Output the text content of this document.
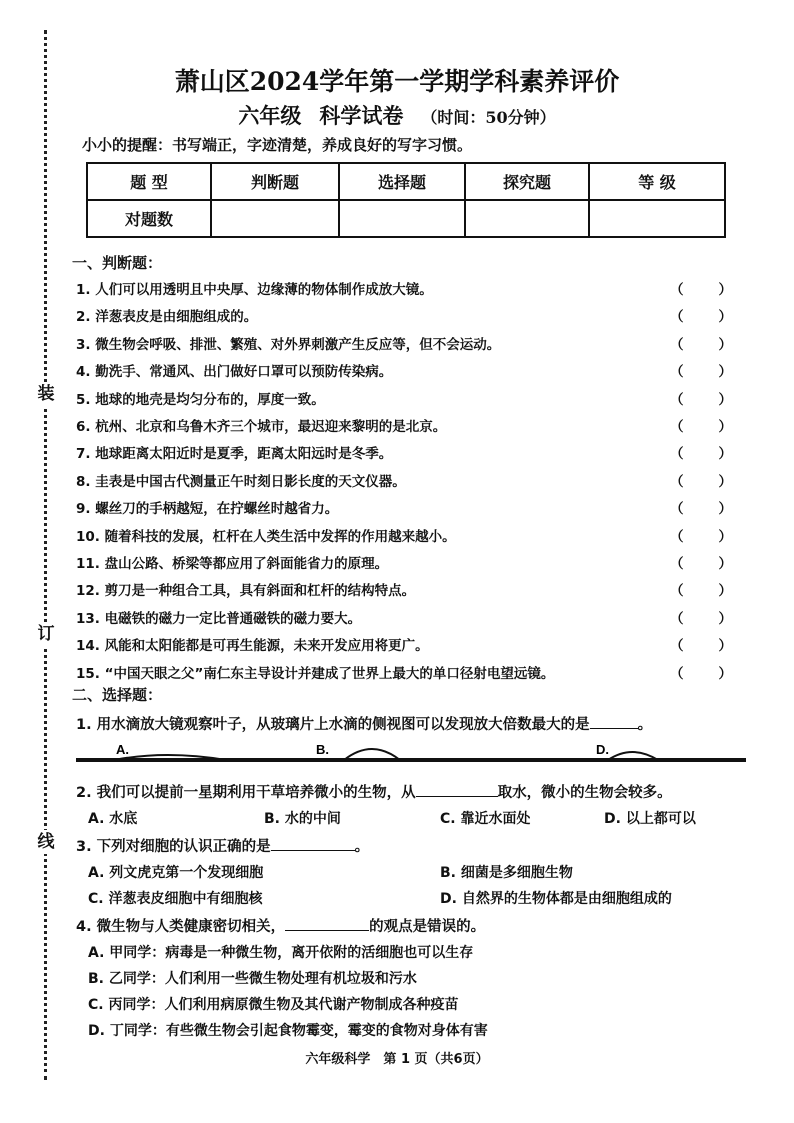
装
订
线
萧山区2024学年第一学期学科素养评价
六年级 科学试卷 （时间：50分钟）
小小的提醒：书写端正，字迹清楚，养成良好的写字习惯。
题 型	判断题	选择题	探究题	等 级
对题数				
一、判断题：
1. 人们可以用透明且中央厚、边缘薄的物体制作成放大镜。	（	）
2. 洋葱表皮是由细胞组成的。	（	）
3. 微生物会呼吸、排泄、繁殖、对外界刺激产生反应等，但不会运动。	（	）
4. 勤洗手、常通风、出门做好口罩可以预防传染病。	（	）
5. 地球的地壳是均匀分布的，厚度一致。	（	）
6. 杭州、北京和乌鲁木齐三个城市，最迟迎来黎明的是北京。	（	）
7. 地球距离太阳近时是夏季，距离太阳远时是冬季。	（	）
8. 圭表是中国古代测量正午时刻日影长度的天文仪器。	（	）
9. 螺丝刀的手柄越短，在拧螺丝时越省力。	（	）
10. 随着科技的发展，杠杆在人类生活中发挥的作用越来越小。	（	）
11. 盘山公路、桥梁等都应用了斜面能省力的原理。	（	）
12. 剪刀是一种组合工具，具有斜面和杠杆的结构特点。	（	）
13. 电磁铁的磁力一定比普通磁铁的磁力要大。	（	）
14. 风能和太阳能都是可再生能源，未来开发应用将更广。	（	）
15. “中国天眼之父”南仁东主导设计并建成了世界上最大的单口径射电望远镜。	（	）
二、选择题：
1. 用水滴放大镜观察叶子，从玻璃片上水滴的侧视图可以发现放大倍数最大的是	。
A.	B.	D.
2. 我们可以提前一星期利用干草培养微小的生物，从	取水，微小的生物会较多。
A. 水底	B. 水的中间	C. 靠近水面处	D. 以上都可以
3. 下列对细胞的认识正确的是	。
A. 列文虎克第一个发现细胞	B. 细菌是多细胞生物
C. 洋葱表皮细胞中有细胞核	D. 自然界的生物体都是由细胞组成的
4. 微生物与人类健康密切相关，	的观点是错误的。
A. 甲同学：病毒是一种微生物，离开依附的活细胞也可以生存
B. 乙同学：人们利用一些微生物处理有机垃圾和污水
C. 丙同学：人们利用病原微生物及其代谢产物制成各种疫苗
D. 丁同学：有些微生物会引起食物霉变，霉变的食物对身体有害
六年级科学　第 1 页（共6页）
